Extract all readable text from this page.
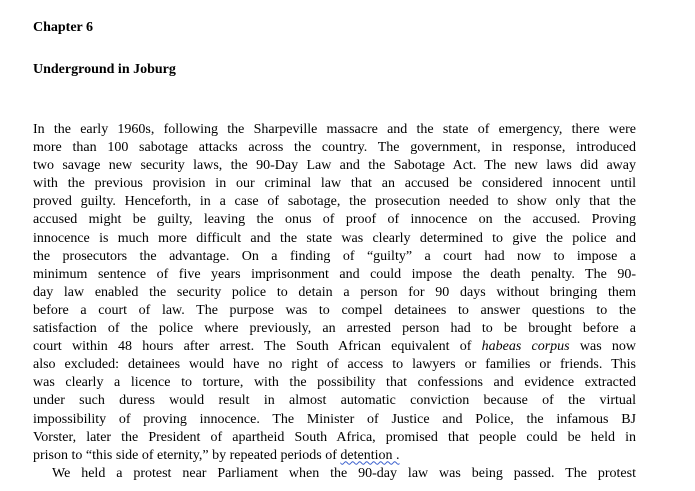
Chapter 6
Underground in Joburg
In the early 1960s, following the Sharpeville massacre and the state of emergency, there were
more than 100 sabotage attacks across the country. The government, in response, introduced
two savage new security laws, the 90-Day Law and the Sabotage Act. The new laws did away
with the previous provision in our criminal law that an accused be considered innocent until
proved guilty. Henceforth, in a case of sabotage, the prosecution needed to show only that the
accused might be guilty, leaving the onus of proof of innocence on the accused. Proving
innocence is much more difficult and the state was clearly determined to give the police and
the prosecutors the advantage. On a finding of “guilty” a court had now to impose a
minimum sentence of five years imprisonment and could impose the death penalty. The 90-
day law enabled the security police to detain a person for 90 days without bringing them
before a court of law. The purpose was to compel detainees to answer questions to the
satisfaction of the police where previously, an arrested person had to be brought before a
court within 48 hours after arrest. The South African equivalent of habeas corpus was now
also excluded: detainees would have no right of access to lawyers or families or friends. This
was clearly a licence to torture, with the possibility that confessions and evidence extracted
under such duress would result in almost automatic conviction because of the virtual
impossibility of proving innocence. The Minister of Justice and Police, the infamous BJ
Vorster, later the President of apartheid South Africa, promised that people could be held in
prison to “this side of eternity,” by repeated periods of detention .
We held a protest near Parliament when the 90-day law was being passed. The protest
